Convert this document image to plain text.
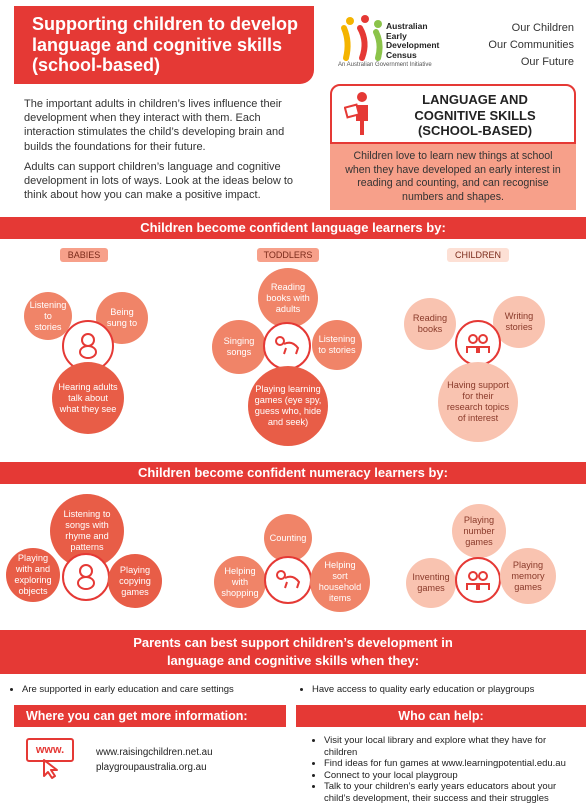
Supporting children to develop
language and cognitive skills
(school-based)
Australian
Early
Development
Census
An Australian Government Initiative
Our Children
Our Communities
Our Future

The important adults in children’s lives influence their development when they interact with them. Each interaction stimulates the child’s developing brain and builds the foundations for their future.

Adults can support children’s language and cognitive development in lots of ways. Look at the ideas below to think about how you can make a positive impact.

LANGUAGE AND
COGNITIVE SKILLS
(SCHOOL-BASED)
Children love to learn new things at school when they have developed an early interest in reading and counting, and can recognise numbers and shapes.
Children become confident language learners by:
BABIES	TODDLERS	CHILDREN
Listening to stories
Being sung to
Hearing adults talk about what they see
Reading books with adults
Singing songs
Listening to stories
Playing learning games (eye spy, guess who, hide and seek)
Reading books
Writing stories
Having support for their research topics of interest
Children become confident numeracy learners by:
Listening to songs with rhyme and patterns
Playing with and exploring objects
Playing copying games
Counting
Helping with shopping
Helping sort household items
Playing number games
Inventing games
Playing memory games
Parents can best support children’s development in
language and cognitive skills when they:
• Are supported in early education and care settings
•	Have access to quality early education or playgroups
Where you can get more information:	Who can help:
www.	www.raisingchildren.net.au
playgroupaustralia.org.au
• Visit your local library and explore what they have for children
• Find ideas for fun games at www.learningpotential.edu.au
• Connect to your local playgroup
• Talk to your children’s early years educators about your child’s development, their success and their struggles
